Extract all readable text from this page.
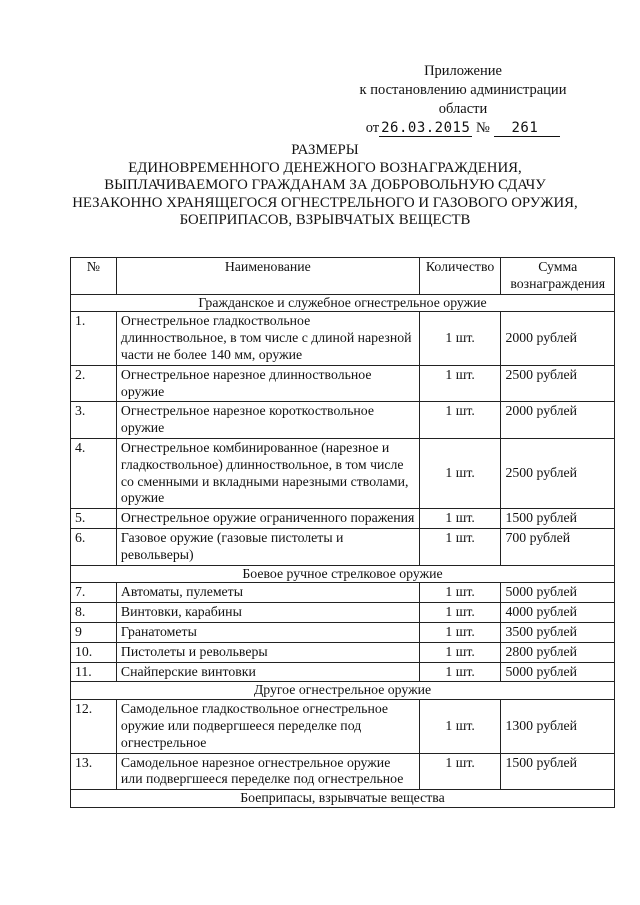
Приложение
к постановлению администрации
области
от 26.03.2015 № 261
РАЗМЕРЫ
ЕДИНОВРЕМЕННОГО ДЕНЕЖНОГО ВОЗНАГРАЖДЕНИЯ,
ВЫПЛАЧИВАЕМОГО ГРАЖДАНАМ ЗА ДОБРОВОЛЬНУЮ СДАЧУ
НЕЗАКОННО ХРАНЯЩЕГОСЯ ОГНЕСТРЕЛЬНОГО И ГАЗОВОГО ОРУЖИЯ,
БОЕПРИПАСОВ, ВЗРЫВЧАТЫХ ВЕЩЕСТВ
№	Наименование	Количество	Сумма
вознаграждения
Гражданское и служебное огнестрельное оружие			
1.	Огнестрельное гладкоствольное длинноствольное, в том числе с длиной нарезной части не более 140 мм, оружие	1 шт.	2000 рублей
2.	Огнестрельное нарезное длинноствольное оружие	1 шт.	2500 рублей
3.	Огнестрельное нарезное короткоствольное оружие	1 шт.	2000 рублей
4.	Огнестрельное комбинированное (нарезное и гладкоствольное) длинноствольное, в том числе со сменными и вкладными нарезными стволами, оружие	1 шт.	2500 рублей
5.	Огнестрельное оружие ограниченного поражения	1 шт.	1500 рублей
6.	Газовое оружие (газовые пистолеты и револьверы)	1 шт.	700 рублей
Боевое ручное стрелковое оружие			
7.	Автоматы, пулеметы	1 шт.	5000 рублей
8.	Винтовки, карабины	1 шт.	4000 рублей
9	Гранатометы	1 шт.	3500 рублей
10.	Пистолеты и револьверы	1 шт.	2800 рублей
11.	Снайперские винтовки	1 шт.	5000 рублей
Другое огнестрельное оружие			
12.	Самодельное гладкоствольное огнестрельное оружие или подвергшееся переделке под огнестрельное	1 шт.	1300 рублей
13.	Самодельное нарезное огнестрельное оружие или подвергшееся переделке под огнестрельное	1 шт.	1500 рублей
Боеприпасы, взрывчатые вещества			
